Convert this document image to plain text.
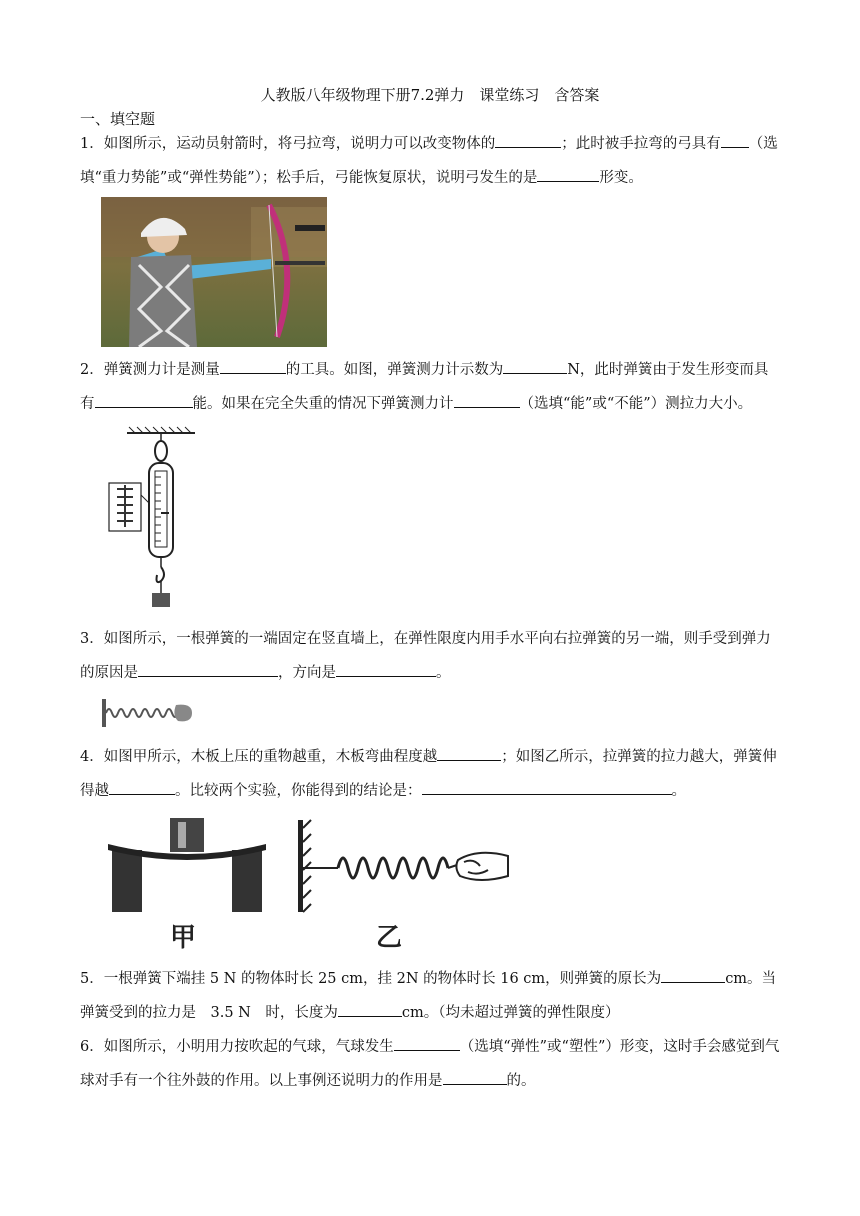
人教版八年级物理下册7.2弹力　课堂练习　含答案
一、填空题
1．如图所示，运动员射箭时，将弓拉弯，说明力可以改变物体的	；此时被手拉弯的弓具有 （选填“重力势能”或“弹性势能”）；松手后，弓能恢复原状，说明弓发生的是	形变。
2．弹簧测力计是测量	的工具。如图，弹簧测力计示数为	N，此时弹簧由于发生形变而具有	能。如果在完全失重的情况下弹簧测力计	（选填“能”或“不能”）测拉力大小。
3．如图所示，一根弹簧的一端固定在竖直墙上，在弹性限度内用手水平向右拉弹簧的另一端，则手受到弹力的原因是	，方向是	。
4．如图甲所示，木板上压的重物越重，木板弯曲程度越	；如图乙所示，拉弹簧的拉力越大，弹簧伸得越	。比较两个实验，你能得到的结论是：	。
甲	乙
5．一根弹簧下端挂 5 N 的物体时长 25 cm，挂 2N 的物体时长 16 cm，则弹簧的原长为	cm。当弹簧受到的拉力是　3.5 N　时，长度为	cm。（均未超过弹簧的弹性限度）
6．如图所示，小明用力按吹起的气球，气球发生	（选填“弹性”或“塑性”）形变，这时手会感觉到气球对手有一个往外鼓的作用。以上事例还说明力的作用是	的。
